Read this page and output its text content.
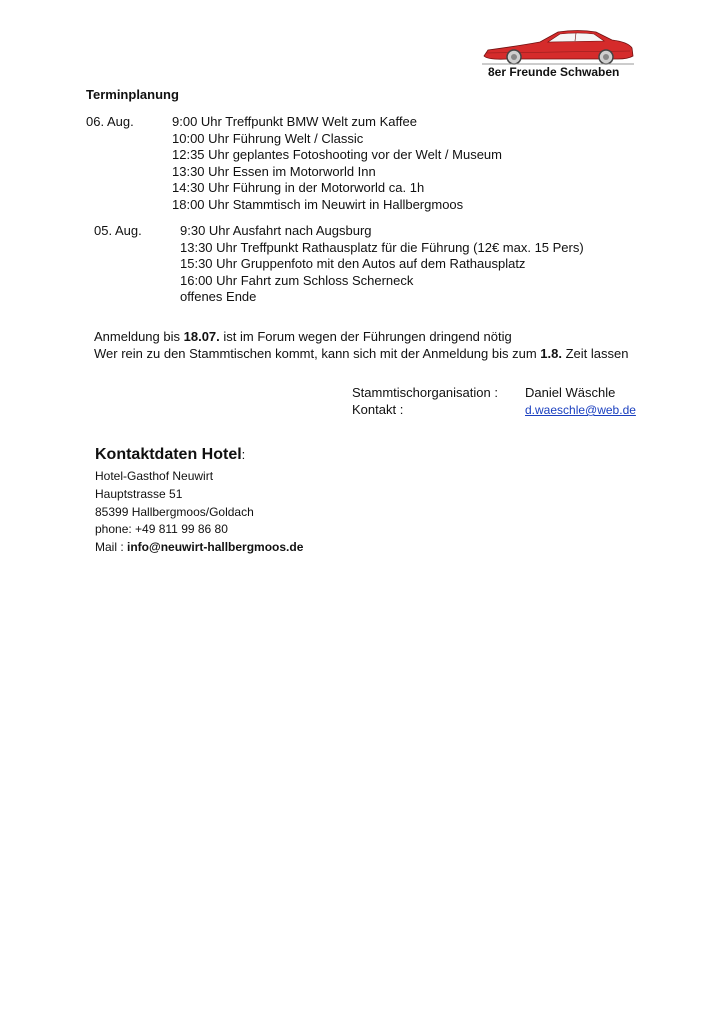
8er Freunde Schwaben
Terminplanung
06. Aug.	9:00 Uhr Treffpunkt BMW Welt zum Kaffee
10:00 Uhr Führung Welt / Classic
12:35 Uhr geplantes Fotoshooting vor der Welt / Museum
13:30 Uhr Essen im Motorworld Inn
14:30 Uhr Führung in der Motorworld ca. 1h
18:00 Uhr Stammtisch im Neuwirt in Hallbergmoos
05. Aug.	9:30 Uhr Ausfahrt nach Augsburg
13:30 Uhr Treffpunkt Rathausplatz für die Führung (12€ max. 15 Pers)
15:30 Uhr Gruppenfoto mit den Autos auf dem Rathausplatz
16:00 Uhr Fahrt zum Schloss Scherneck
offenes Ende
Anmeldung bis 18.07. ist im Forum wegen der Führungen dringend nötig
Wer rein zu den Stammtischen kommt, kann sich mit der Anmeldung bis zum 1.8. Zeit lassen
Stammtischorganisation : Daniel Wäschle
Kontakt :	d.waeschle@web.de
Kontaktdaten Hotel:
Hotel-Gasthof Neuwirt
Hauptstrasse 51
85399 Hallbergmoos/Goldach
phone: +49 811 99 86 80
Mail : info@neuwirt-hallbergmoos.de
